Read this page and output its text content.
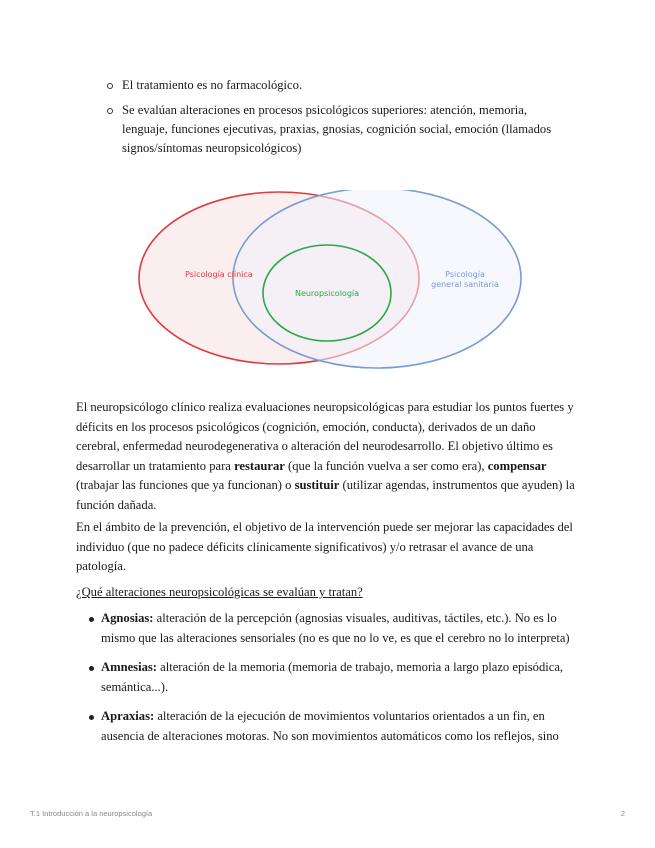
El tratamiento es no farmacológico.
Se evalúan alteraciones en procesos psicológicos superiores: atención, memoria, lenguaje, funciones ejecutivas, praxias, gnosias, cognición social, emoción (llamados signos/síntomas neuropsicológicos)
Psicología clínica	Psicología
general sanitaria
Neuropsicología

El neuropsicólogo clínico realiza evaluaciones neuropsicológicas para estudiar los puntos fuertes y déficits en los procesos psicológicos (cognición, emoción, conducta), derivados de un daño cerebral, enfermedad neurodegenerativa o alteración del neurodesarrollo. El objetivo último es desarrollar un tratamiento para restaurar (que la función vuelva a ser como era), compensar (trabajar las funciones que ya funcionan) o sustituir (utilizar agendas, instrumentos que ayuden) la función dañada.

En el ámbito de la prevención, el objetivo de la intervención puede ser mejorar las capacidades del individuo (que no padece déficits clínicamente significativos) y/o retrasar el avance de una patología.

¿Qué alteraciones neuropsicológicas se evalúan y tratan?

Agnosias: alteración de la percepción (agnosias visuales, auditivas, táctiles, etc.). No es lo mismo que las alteraciones sensoriales (no es que no lo ve, es que el cerebro no lo interpreta)
Amnesias: alteración de la memoria (memoria de trabajo, memoria a largo plazo episódica, semántica...).
Apraxias: alteración de la ejecución de movimientos voluntarios orientados a un fin, en ausencia de alteraciones motoras. No son movimientos automáticos como los reflejos, sino
T.1 Introducción a la neuropsicología	2
